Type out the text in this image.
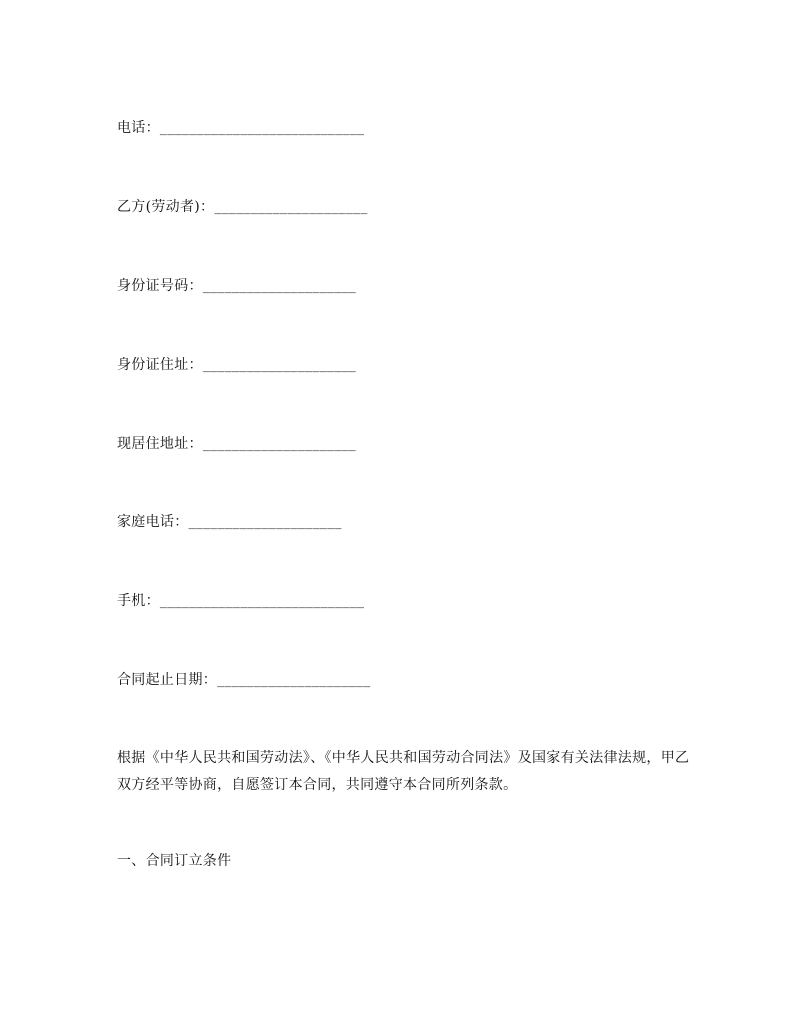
电话：____________________________
乙方(劳动者)：_____________________
身份证号码：_____________________
身份证住址：_____________________
现居住地址：_____________________
家庭电话：_____________________
手机：____________________________
合同起止日期：_____________________
根据《中华人民共和国劳动法》、《中华人民共和国劳动合同法》及国家有关法律法规，甲乙双方经平等协商，自愿签订本合同，共同遵守本合同所列条款。
一、合同订立条件
